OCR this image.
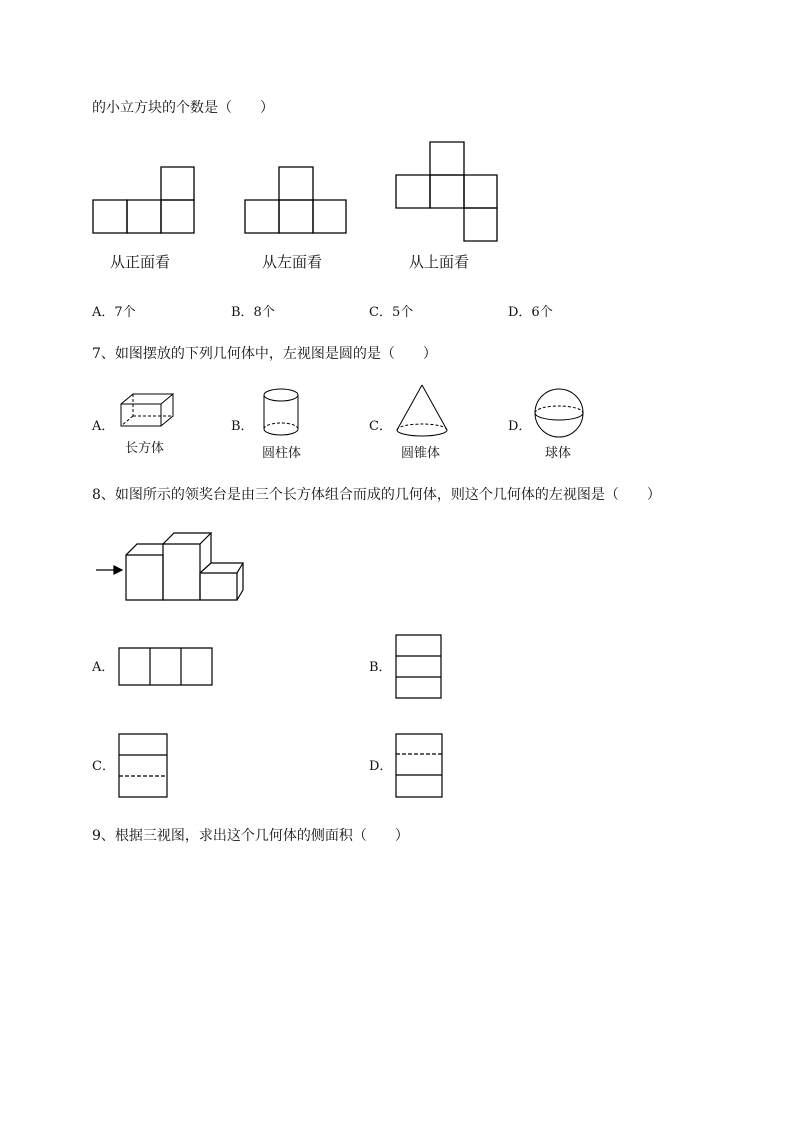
的小立方块的个数是（　　）
从正面看	从左面看	从上面看
A．7个	B．8个	C．5个	D．6个
7、如图摆放的下列几何体中，左视图是圆的是（　　）
A．
长方体
B．
圆柱体
C．
圆锥体
D．
球体
8、如图所示的领奖台是由三个长方体组合而成的几何体，则这个几何体的左视图是（　　）
A．	B．
C．	D．
9、根据三视图，求出这个几何体的侧面积（　　）
